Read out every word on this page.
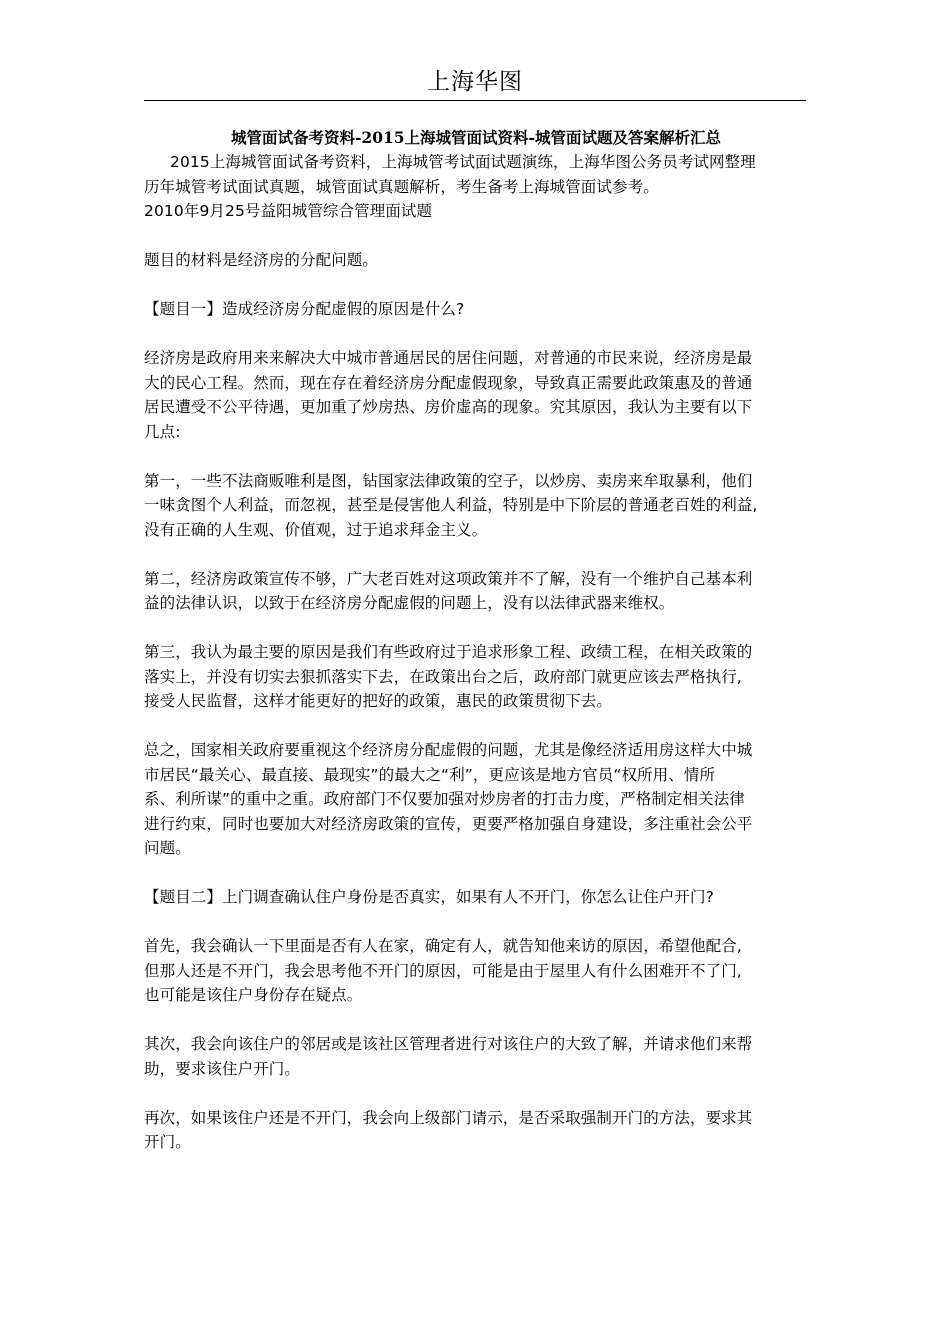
上海华图

城管面试备考资料-2015上海城管面试资料-城管面试题及答案解析汇总

2015上海城管面试备考资料，上海城管考试面试题演练，上海华图公务员考试网整理

历年城管考试面试真题，城管面试真题解析，考生备考上海城管面试参考。

2010年9月25号益阳城管综合管理面试题

题目的材料是经济房的分配问题。

【题目一】造成经济房分配虚假的原因是什么?

经济房是政府用来来解决大中城市普通居民的居住问题，对普通的市民来说，经济房是最

大的民心工程。然而，现在存在着经济房分配虚假现象，导致真正需要此政策惠及的普通

居民遭受不公平待遇，更加重了炒房热、房价虚高的现象。究其原因，我认为主要有以下

几点:

第一，一些不法商贩唯利是图，钻国家法律政策的空子，以炒房、卖房来牟取暴利，他们

一味贪图个人利益，而忽视，甚至是侵害他人利益，特别是中下阶层的普通老百姓的利益,

没有正确的人生观、价值观，过于追求拜金主义。

第二，经济房政策宣传不够，广大老百姓对这项政策并不了解，没有一个维护自己基本利

益的法律认识，以致于在经济房分配虚假的问题上，没有以法律武器来维权。

第三，我认为最主要的原因是我们有些政府过于追求形象工程、政绩工程，在相关政策的

落实上，并没有切实去狠抓落实下去，在政策出台之后，政府部门就更应该去严格执行,

接受人民监督，这样才能更好的把好的政策，惠民的政策贯彻下去。

总之，国家相关政府要重视这个经济房分配虚假的问题，尤其是像经济适用房这样大中城

市居民“最关心、最直接、最现实”的最大之“利”，更应该是地方官员“权所用、情所

系、利所谋”的重中之重。政府部门不仅要加强对炒房者的打击力度，严格制定相关法律

进行约束，同时也要加大对经济房政策的宣传，更要严格加强自身建设，多注重社会公平

问题。

【题目二】上门调查确认住户身份是否真实，如果有人不开门，你怎么让住户开门?

首先，我会确认一下里面是否有人在家，确定有人，就告知他来访的原因，希望他配合,

但那人还是不开门，我会思考他不开门的原因，可能是由于屋里人有什么困难开不了门,

也可能是该住户身份存在疑点。

其次，我会向该住户的邻居或是该社区管理者进行对该住户的大致了解，并请求他们来帮

助，要求该住户开门。

再次，如果该住户还是不开门，我会向上级部门请示，是否采取强制开门的方法，要求其

开门。
